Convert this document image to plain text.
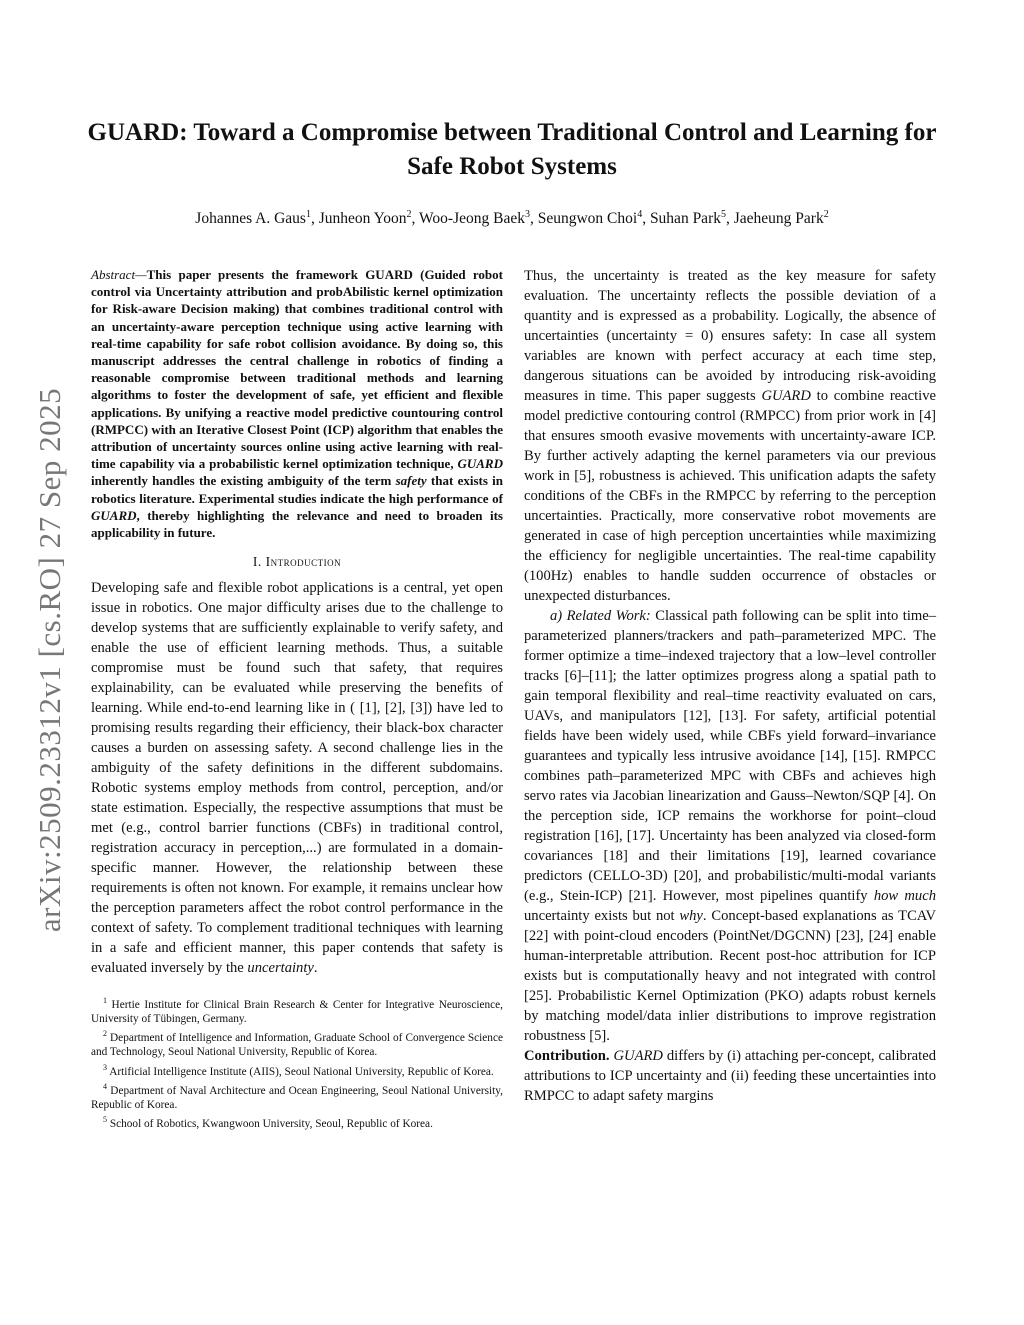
GUARD: Toward a Compromise between Traditional Control and Learning for Safe Robot Systems
Johannes A. Gaus$^1$, Junheon Yoon$^2$, Woo-Jeong Baek$^3$, Seungwon Choi$^4$, Suhan Park$^5$, Jaeheung Park$^2$
arXiv:2509.23312v1 [cs.RO] 27 Sep 2025

Abstract—This paper presents the framework GUARD (Guided robot control via Uncertainty attribution and probAbilistic kernel optimization for Risk-aware Decision making) that combines traditional control with an uncertainty-aware perception technique using active learning with real-time capability for safe robot collision avoidance. By doing so, this manuscript addresses the central challenge in robotics of finding a reasonable compromise between traditional methods and learning algorithms to foster the development of safe, yet efficient and flexible applications. By unifying a reactive model predictive countouring control (RMPCC) with an Iterative Closest Point (ICP) algorithm that enables the attribution of uncertainty sources online using active learning with real-time capability via a probabilistic kernel optimization technique, GUARD inherently handles the existing ambiguity of the term safety that exists in robotics literature. Experimental studies indicate the high performance of GUARD, thereby highlighting the relevance and need to broaden its applicability in future.

I. Introduction

Developing safe and flexible robot applications is a central, yet open issue in robotics. One major difficulty arises due to the challenge to develop systems that are sufficiently explainable to verify safety, and enable the use of efficient learning methods. Thus, a suitable compromise must be found such that safety, that requires explainability, can be evaluated while preserving the benefits of learning. While end-to-end learning like in ( [1], [2], [3]) have led to promising results regarding their efficiency, their black-box character causes a burden on assessing safety. A second challenge lies in the ambiguity of the safety definitions in the different subdomains. Robotic systems employ methods from control, perception, and/or state estimation. Especially, the respective assumptions that must be met (e.g., control barrier functions (CBFs) in traditional control, registration accuracy in perception,...) are formulated in a domain-specific manner. However, the relationship between these requirements is often not known. For example, it remains unclear how the perception parameters affect the robot control performance in the context of safety. To complement traditional techniques with learning in a safe and efficient manner, this paper contends that safety is evaluated inversely by the uncertainty.

$^1$ Hertie Institute for Clinical Brain Research & Center for Integrative Neuroscience, University of Tübingen, Germany.

$^2$ Department of Intelligence and Information, Graduate School of Convergence Science and Technology, Seoul National University, Republic of Korea.

$^3$ Artificial Intelligence Institute (AIIS), Seoul National University, Republic of Korea.

$^4$ Department of Naval Architecture and Ocean Engineering, Seoul National University, Republic of Korea.

$^5$ School of Robotics, Kwangwoon University, Seoul, Republic of Korea.

Thus, the uncertainty is treated as the key measure for safety evaluation. The uncertainty reflects the possible deviation of a quantity and is expressed as a probability. Logically, the absence of uncertainties (uncertainty = 0) ensures safety: In case all system variables are known with perfect accuracy at each time step, dangerous situations can be avoided by introducing risk-avoiding measures in time. This paper suggests GUARD to combine reactive model predictive contouring control (RMPCC) from prior work in [4] that ensures smooth evasive movements with uncertainty-aware ICP. By further actively adapting the kernel parameters via our previous work in [5], robustness is achieved. This unification adapts the safety conditions of the CBFs in the RMPCC by referring to the perception uncertainties. Practically, more conservative robot movements are generated in case of high perception uncertainties while maximizing the efficiency for negligible uncertainties. The real-time capability (100Hz) enables to handle sudden occurrence of obstacles or unexpected disturbances.

a) Related Work: Classical path following can be split into time–parameterized planners/trackers and path–parameterized MPC. The former optimize a time–indexed trajectory that a low–level controller tracks [6]–[11]; the latter optimizes progress along a spatial path to gain temporal flexibility and real–time reactivity evaluated on cars, UAVs, and manipulators [12], [13]. For safety, artificial potential fields have been widely used, while CBFs yield forward–invariance guarantees and typically less intrusive avoidance [14], [15]. RMPCC combines path–parameterized MPC with CBFs and achieves high servo rates via Jacobian linearization and Gauss–Newton/SQP [4]. On the perception side, ICP remains the workhorse for point–cloud registration [16], [17]. Uncertainty has been analyzed via closed-form covariances [18] and their limitations [19], learned covariance predictors (CELLO-3D) [20], and probabilistic/multi-modal variants (e.g., Stein-ICP) [21]. However, most pipelines quantify how much uncertainty exists but not why. Concept-based explanations as TCAV [22] with point-cloud encoders (PointNet/DGCNN) [23], [24] enable human-interpretable attribution. Recent post-hoc attribution for ICP exists but is computationally heavy and not integrated with control [25]. Probabilistic Kernel Optimization (PKO) adapts robust kernels by matching model/data inlier distributions to improve registration robustness [5].

Contribution. GUARD differs by (i) attaching per-concept, calibrated attributions to ICP uncertainty and (ii) feeding these uncertainties into RMPCC to adapt safety margins
